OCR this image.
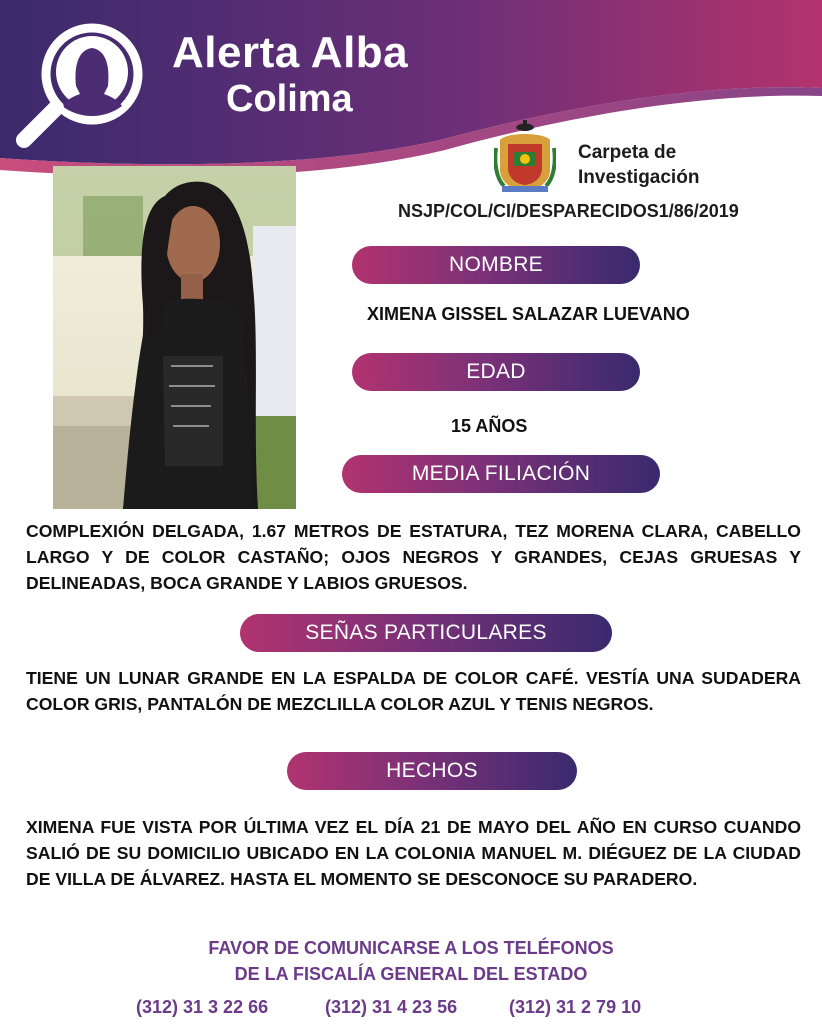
Alerta Alba
Colima
Carpeta de
Investigación
NSJP/COL/CI/DESPARECIDOS1/86/2019
NOMBRE
XIMENA GISSEL SALAZAR LUEVANO
EDAD
15 AÑOS
MEDIA FILIACIÓN
COMPLEXIÓN DELGADA, 1.67 METROS DE ESTATURA, TEZ MORENA CLARA, CABELLO LARGO Y DE COLOR CASTAÑO; OJOS NEGROS Y GRANDES, CEJAS GRUESAS Y DELINEADAS, BOCA GRANDE Y LABIOS GRUESOS.
SEÑAS PARTICULARES
TIENE UN LUNAR GRANDE EN LA ESPALDA DE COLOR CAFÉ. VESTÍA UNA SUDADERA COLOR GRIS, PANTALÓN DE MEZCLILLA COLOR AZUL Y TENIS NEGROS.
HECHOS
XIMENA FUE VISTA POR ÚLTIMA VEZ EL DÍA 21 DE MAYO DEL AÑO EN CURSO CUANDO SALIÓ DE SU DOMICILIO UBICADO EN LA COLONIA MANUEL M. DIÉGUEZ DE LA CIUDAD DE VILLA DE ÁLVAREZ. HASTA EL MOMENTO SE DESCONOCE SU PARADERO.
FAVOR DE COMUNICARSE A LOS TELÉFONOS
DE LA FISCALÍA GENERAL DEL ESTADO
(312) 31 3 22 66	(312) 31 4 23 56	(312) 31 2 79 10
